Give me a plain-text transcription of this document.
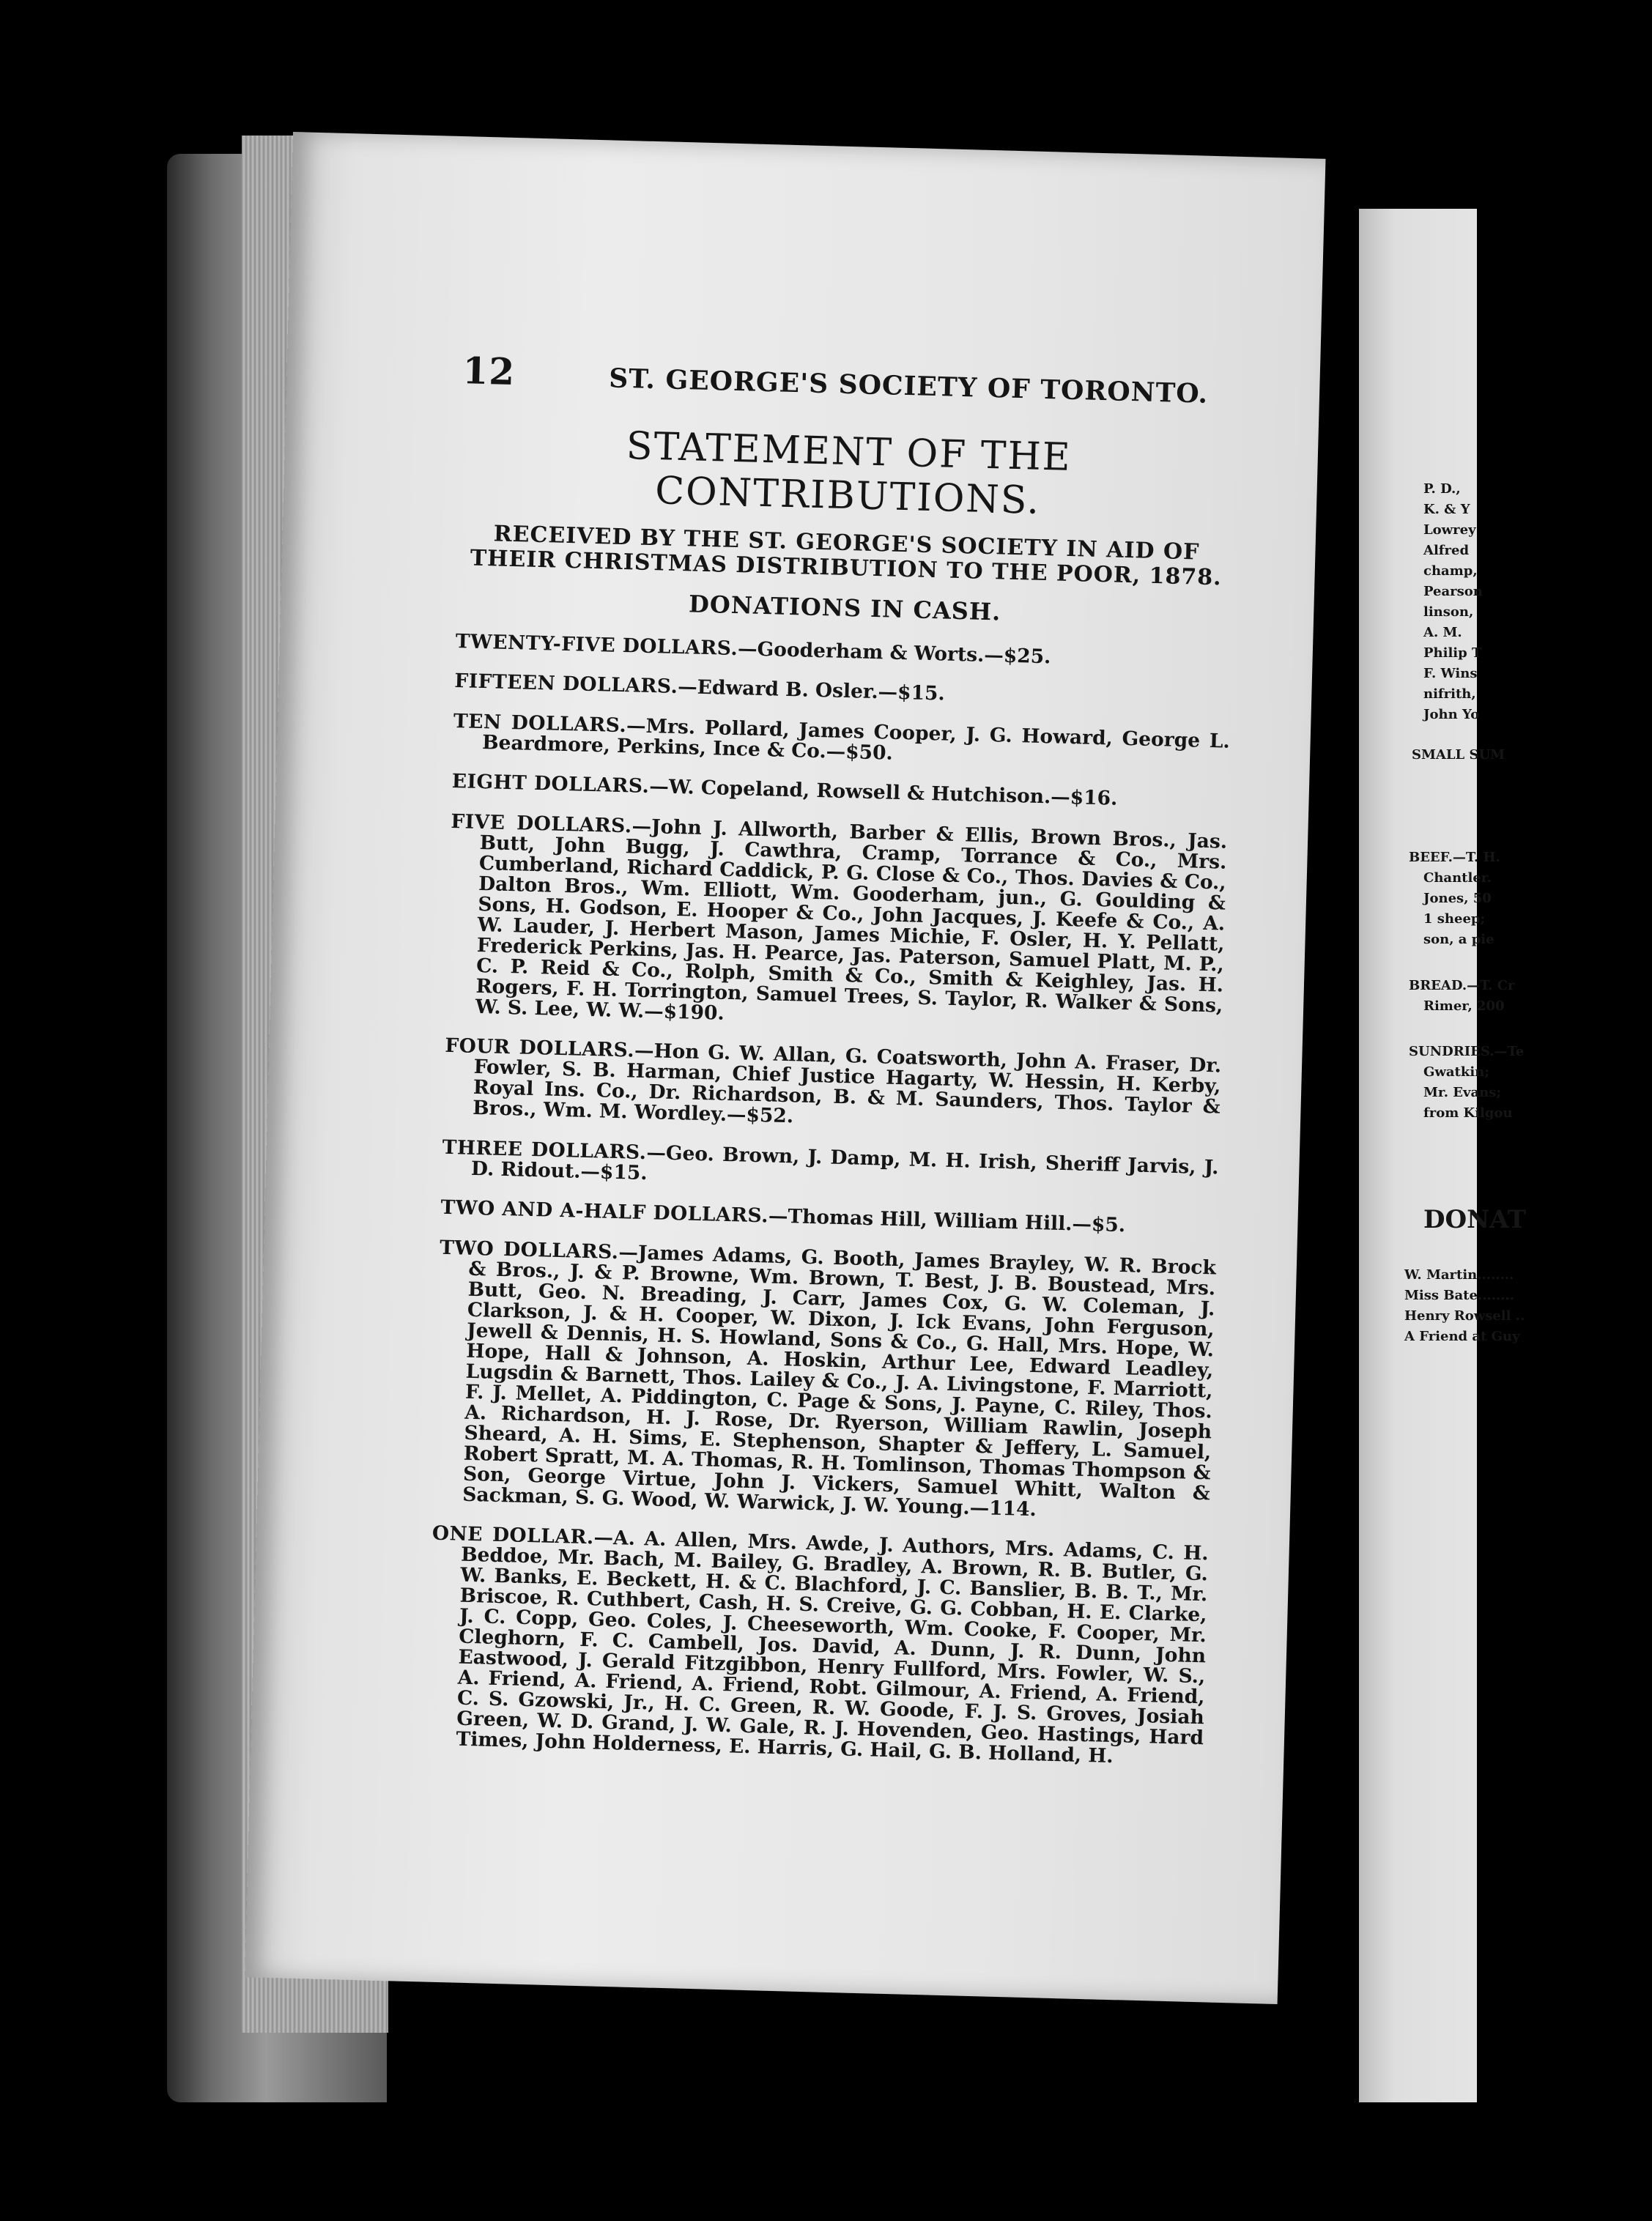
12	ST. GEORGE'S SOCIETY OF TORONTO.
STATEMENT OF THE CONTRIBUTIONS.
RECEIVED BY THE ST. GEORGE'S SOCIETY IN AID OF THEIR CHRISTMAS DISTRIBUTION TO THE POOR, 1878.
DONATIONS IN CASH.

TWENTY-FIVE DOLLARS.—Gooderham & Worts.—$25.

FIFTEEN DOLLARS.—Edward B. Osler.—$15.

TEN DOLLARS.—Mrs. Pollard, James Cooper, J. G. Howard, George L. Beardmore, Perkins, Ince & Co.—$50.

EIGHT DOLLARS.—W. Copeland, Rowsell & Hutchison.—$16.

FIVE DOLLARS.—John J. Allworth, Barber & Ellis, Brown Bros., Jas. Butt, John Bugg, J. Cawthra, Cramp, Torrance & Co., Mrs. Cumberland, Richard Caddick, P. G. Close & Co., Thos. Davies & Co., Dalton Bros., Wm. Elliott, Wm. Gooderham, jun., G. Goulding & Sons, H. Godson, E. Hooper & Co., John Jacques, J. Keefe & Co., A. W. Lauder, J. Herbert Mason, James Michie, F. Osler, H. Y. Pellatt, Frederick Perkins, Jas. H. Pearce, Jas. Paterson, Samuel Platt, M. P., C. P. Reid & Co., Rolph, Smith & Co., Smith & Keighley, Jas. H. Rogers, F. H. Torrington, Samuel Trees, S. Taylor, R. Walker & Sons, W. S. Lee, W. W.—$190.

FOUR DOLLARS.—Hon G. W. Allan, G. Coatsworth, John A. Fraser, Dr. Fowler, S. B. Harman, Chief Justice Hagarty, W. Hessin, H. Kerby, Royal Ins. Co., Dr. Richardson, B. & M. Saunders, Thos. Taylor & Bros., Wm. M. Wordley.—$52.

THREE DOLLARS.—Geo. Brown, J. Damp, M. H. Irish, Sheriff Jarvis, J. D. Ridout.—$15.

TWO AND A-HALF DOLLARS.—Thomas Hill, William Hill.—$5.

TWO DOLLARS.—James Adams, G. Booth, James Brayley, W. R. Brock & Bros., J. & P. Browne, Wm. Brown, T. Best, J. B. Boustead, Mrs. Butt, Geo. N. Breading, J. Carr, James Cox, G. W. Coleman, J. Clarkson, J. & H. Cooper, W. Dixon, J. Ick Evans, John Ferguson, Jewell & Dennis, H. S. Howland, Sons & Co., G. Hall, Mrs. Hope, W. Hope, Hall & Johnson, A. Hoskin, Arthur Lee, Edward Leadley, Lugsdin & Barnett, Thos. Lailey & Co., J. A. Livingstone, F. Marriott, F. J. Mellet, A. Piddington, C. Page & Sons, J. Payne, C. Riley, Thos. A. Richardson, H. J. Rose, Dr. Ryerson, William Rawlin, Joseph Sheard, A. H. Sims, E. Stephenson, Shapter & Jeffery, L. Samuel, Robert Spratt, M. A. Thomas, R. H. Tomlinson, Thomas Thompson & Son, George Virtue, John J. Vickers, Samuel Whitt, Walton & Sackman, S. G. Wood, W. Warwick, J. W. Young.—114.

ONE DOLLAR.—A. A. Allen, Mrs. Awde, J. Authors, Mrs. Adams, C. H. Beddoe, Mr. Bach, M. Bailey, G. Bradley, A. Brown, R. B. Butler, G. W. Banks, E. Beckett, H. & C. Blachford, J. C. Banslier, B. B. T., Mr. Briscoe, R. Cuthbert, Cash, H. S. Creive, G. G. Cobban, H. E. Clarke, J. C. Copp, Geo. Coles, J. Cheeseworth, Wm. Cooke, F. Cooper, Mr. Cleghorn, F. C. Cambell, Jos. David, A. Dunn, J. R. Dunn, John Eastwood, J. Gerald Fitzgibbon, Henry Fullford, Mrs. Fowler, W. S., A. Friend, A. Friend, A. Friend, Robt. Gilmour, A. Friend, A. Friend, C. S. Gzowski, Jr., H. C. Green, R. W. Goode, F. J. S. Groves, Josiah Green, W. D. Grand, J. W. Gale, R. J. Hovenden, Geo. Hastings, Hard Times, John Holderness, E. Harris, G. Hail, G. B. Holland, H.

P. D.,
K. & Y
Lowrey
Alfred
champ,
Pearson
linson,
A. M.
Philip T
F. Wins
nifrith,
John Yo
SMALL SUM
BEEF.—T. H.
Chantler.
Jones, 50
1 sheep;
son, a pie
BREAD.—T. Cr
Rimer, 200
SUNDRIES.—Te
Gwatkin;
Mr. Evans;
from Kilgou
DONAT
W. Martin........
Miss Bate........
Henry Rowsell ..
A Friend at Guy
